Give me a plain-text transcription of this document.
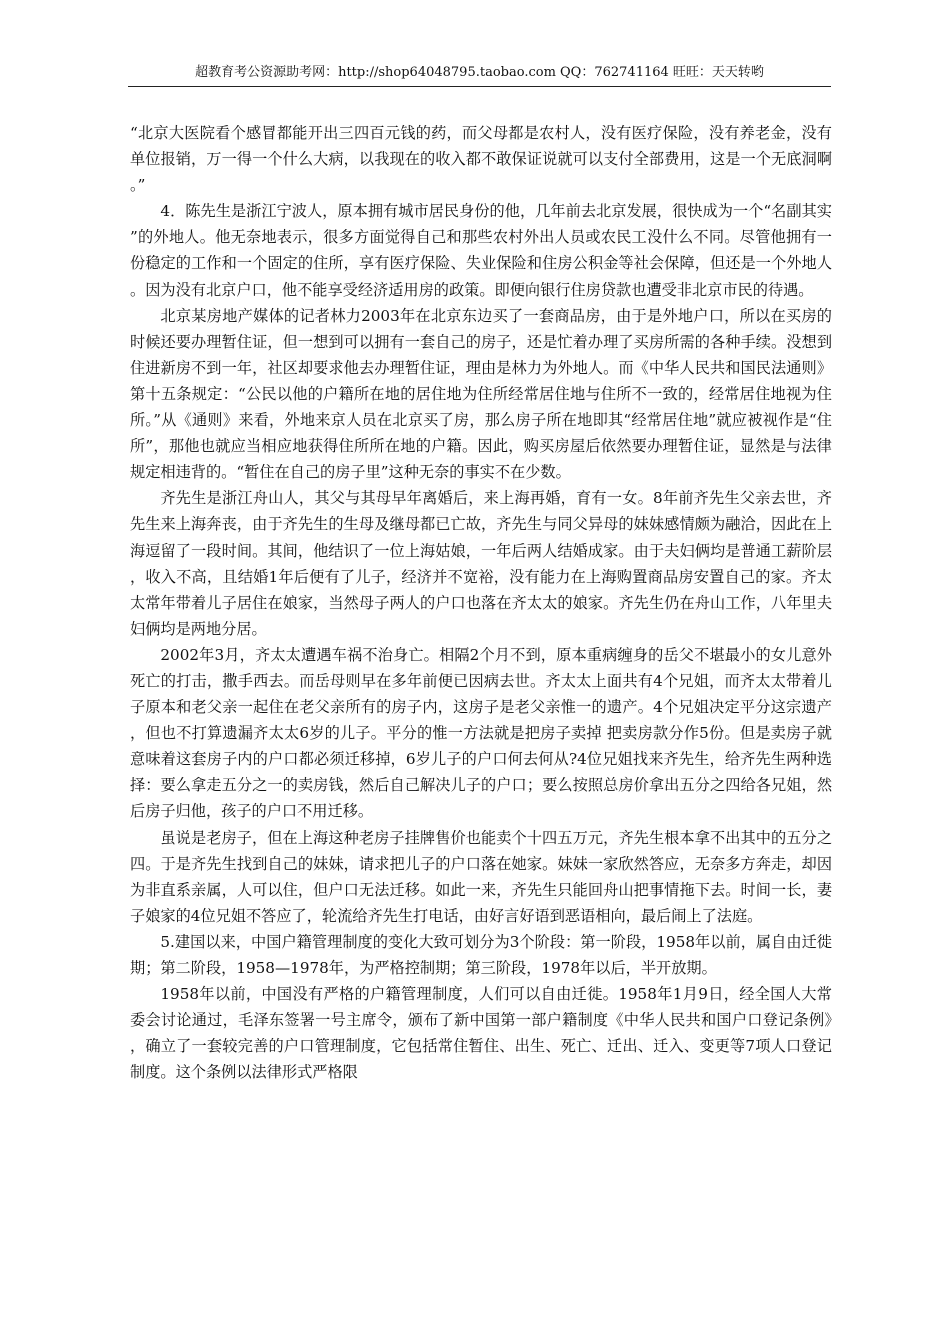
超教育考公资源助考网：http://shop64048795.taobao.com QQ：762741164 旺旺：天天转哟

“北京大医院看个感冒都能开出三四百元钱的药，而父母都是农村人，没有医疗保险，没有养老金，没有单位报销，万一得一个什么大病，以我现在的收入都不敢保证说就可以支付全部费用，这是一个无底洞啊。”

4．陈先生是浙江宁波人，原本拥有城市居民身份的他，几年前去北京发展，很快成为一个“名副其实”的外地人。他无奈地表示，很多方面觉得自己和那些农村外出人员或农民工没什么不同。尽管他拥有一份稳定的工作和一个固定的住所，享有医疗保险、失业保险和住房公积金等社会保障，但还是一个外地人。因为没有北京户口，他不能享受经济适用房的政策。即便向银行住房贷款也遭受非北京市民的待遇。

北京某房地产媒体的记者林力2003年在北京东边买了一套商品房，由于是外地户口，所以在买房的时候还要办理暂住证，但一想到可以拥有一套自己的房子，还是忙着办理了买房所需的各种手续。没想到住进新房不到一年，社区却要求他去办理暂住证，理由是林力为外地人。而《中华人民共和国民法通则》第十五条规定：“公民以他的户籍所在地的居住地为住所经常居住地与住所不一致的，经常居住地视为住所。”从《通则》来看，外地来京人员在北京买了房，那么房子所在地即其“经常居住地”就应被视作是“住所”，那他也就应当相应地获得住所所在地的户籍。因此，购买房屋后依然要办理暂住证，显然是与法律规定相违背的。“暂住在自己的房子里”这种无奈的事实不在少数。

齐先生是浙江舟山人，其父与其母早年离婚后，来上海再婚，育有一女。8年前齐先生父亲去世，齐先生来上海奔丧，由于齐先生的生母及继母都已亡故，齐先生与同父异母的妹妹感情颇为融洽，因此在上海逗留了一段时间。其间，他结识了一位上海姑娘，一年后两人结婚成家。由于夫妇俩均是普通工薪阶层，收入不高，且结婚1年后便有了儿子，经济并不宽裕，没有能力在上海购置商品房安置自己的家。齐太太常年带着儿子居住在娘家，当然母子两人的户口也落在齐太太的娘家。齐先生仍在舟山工作，八年里夫妇俩均是两地分居。

2002年3月，齐太太遭遇车祸不治身亡。相隔2个月不到，原本重病缠身的岳父不堪最小的女儿意外死亡的打击，撒手西去。而岳母则早在多年前便已因病去世。齐太太上面共有4个兄姐，而齐太太带着儿子原本和老父亲一起住在老父亲所有的房子内，这房子是老父亲惟一的遗产。4个兄姐决定平分这宗遗产，但也不打算遗漏齐太太6岁的儿子。平分的惟一方法就是把房子卖掉 把卖房款分作5份。但是卖房子就意味着这套房子内的户口都必须迁移掉，6岁儿子的户口何去何从?4位兄姐找来齐先生，给齐先生两种选择：要么拿走五分之一的卖房钱，然后自己解决儿子的户口；要么按照总房价拿出五分之四给各兄姐，然后房子归他，孩子的户口不用迁移。

虽说是老房子，但在上海这种老房子挂牌售价也能卖个十四五万元，齐先生根本拿不出其中的五分之四。于是齐先生找到自己的妹妹，请求把儿子的户口落在她家。妹妹一家欣然答应，无奈多方奔走，却因为非直系亲属，人可以住，但户口无法迁移。如此一来，齐先生只能回舟山把事情拖下去。时间一长，妻子娘家的4位兄姐不答应了，轮流给齐先生打电话，由好言好语到恶语相向，最后闹上了法庭。

5.建国以来，中国户籍管理制度的变化大致可划分为3个阶段：第一阶段，1958年以前，属自由迁徙期；第二阶段，1958—1978年，为严格控制期；第三阶段，1978年以后，半开放期。

1958年以前，中国没有严格的户籍管理制度，人们可以自由迁徙。1958年1月9日，经全国人大常委会讨论通过，毛泽东签署一号主席令，颁布了新中国第一部户籍制度《中华人民共和国户口登记条例》，确立了一套较完善的户口管理制度，它包括常住暂住、出生、死亡、迁出、迁入、变更等7项人口登记制度。这个条例以法律形式严格限
